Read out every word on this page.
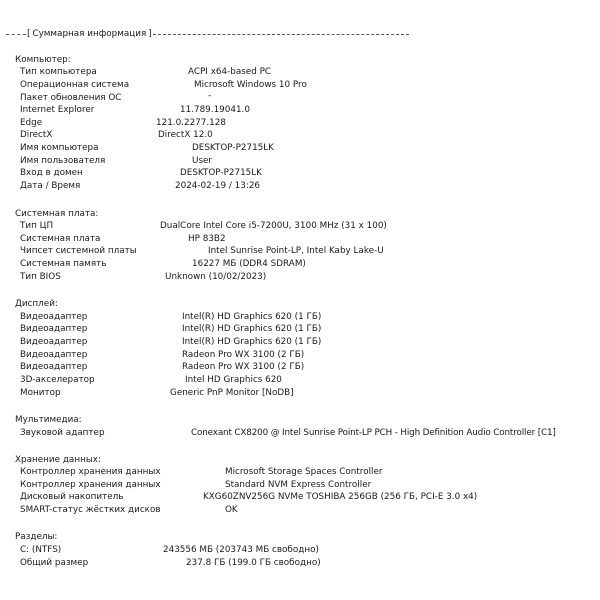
[ Суммарная информация ]
Компьютер:
Тип компьютера	ACPI x64-based PC
Операционная система	Microsoft Windows 10 Pro
Пакет обновления ОС	-
Internet Explorer	11.789.19041.0
Edge	121.0.2277.128
DirectX	DirectX 12.0
Имя компьютера	DESKTOP-P2715LK
Имя пользователя	User
Вход в домен	DESKTOP-P2715LK
Дата / Время	2024-02-19 / 13:26
Системная плата:
Тип ЦП	DualCore Intel Core i5-7200U, 3100 MHz (31 x 100)
Системная плата	HP 83B2
Чипсет системной платы	Intel Sunrise Point-LP, Intel Kaby Lake-U
Системная память	16227 МБ (DDR4 SDRAM)
Тип BIOS	Unknown (10/02/2023)
Дисплей:
Видеоадаптер	Intel(R) HD Graphics 620 (1 ГБ)
Видеоадаптер	Intel(R) HD Graphics 620 (1 ГБ)
Видеоадаптер	Intel(R) HD Graphics 620 (1 ГБ)
Видеоадаптер	Radeon Pro WX 3100 (2 ГБ)
Видеоадаптер	Radeon Pro WX 3100 (2 ГБ)
3D-акселератор	Intel HD Graphics 620
Монитор	Generic PnP Monitor [NoDB]
Мультимедиа:
Звуковой адаптер	Conexant CX8200 @ Intel Sunrise Point-LP PCH - High Definition Audio Controller [C1]
Хранение данных:
Контроллер хранения данных	Microsoft Storage Spaces Controller
Контроллер хранения данных	Standard NVM Express Controller
Дисковый накопитель	KXG60ZNV256G NVMe TOSHIBA 256GB (256 ГБ, PCI-E 3.0 x4)
SMART-статус жёстких дисков	OK
Разделы:
C: (NTFS)	243556 МБ (203743 МБ свободно)
Общий размер	237.8 ГБ (199.0 ГБ свободно)
